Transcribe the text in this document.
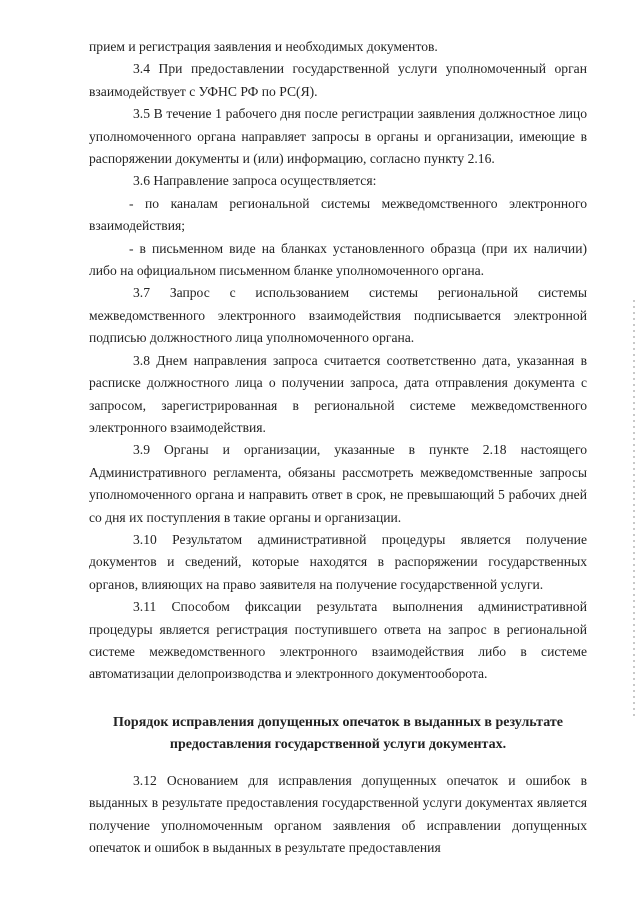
прием и регистрация заявления и необходимых документов.

3.4 При предоставлении государственной услуги уполномоченный орган взаимодействует с УФНС РФ по РС(Я).

3.5 В течение 1 рабочего дня после регистрации заявления должностное лицо уполномоченного органа направляет запросы в органы и организации, имеющие в распоряжении документы и (или) информацию, согласно пункту 2.16.

3.6 Направление запроса осуществляется:

- по каналам региональной системы межведомственного электронного взаимодействия;

- в письменном виде на бланках установленного образца (при их наличии) либо на официальном письменном бланке уполномоченного органа.

3.7 Запрос с использованием системы региональной системы межведомственного электронного взаимодействия подписывается электронной подписью должностного лица уполномоченного органа.

3.8 Днем направления запроса считается соответственно дата, указанная в расписке должностного лица о получении запроса, дата отправления документа с запросом, зарегистрированная в региональной системе межведомственного электронного взаимодействия.

3.9 Органы и организации, указанные в пункте 2.18 настоящего Административного регламента, обязаны рассмотреть межведомственные запросы уполномоченного органа и направить ответ в срок, не превышающий 5 рабочих дней со дня их поступления в такие органы и организации.

3.10 Результатом административной процедуры является получение документов и сведений, которые находятся в распоряжении государственных органов, влияющих на право заявителя на получение государственной услуги.

3.11 Способом фиксации результата выполнения административной процедуры является регистрация поступившего ответа на запрос в региональной системе межведомственного электронного взаимодействия либо в системе автоматизации делопроизводства и электронного документооборота.

Порядок исправления допущенных опечаток в выданных в результате предоставления государственной услуги документах.

3.12 Основанием для исправления допущенных опечаток и ошибок в выданных в результате предоставления государственной услуги документах является получение уполномоченным органом заявления об исправлении допущенных опечаток и ошибок в выданных в результате предоставления
